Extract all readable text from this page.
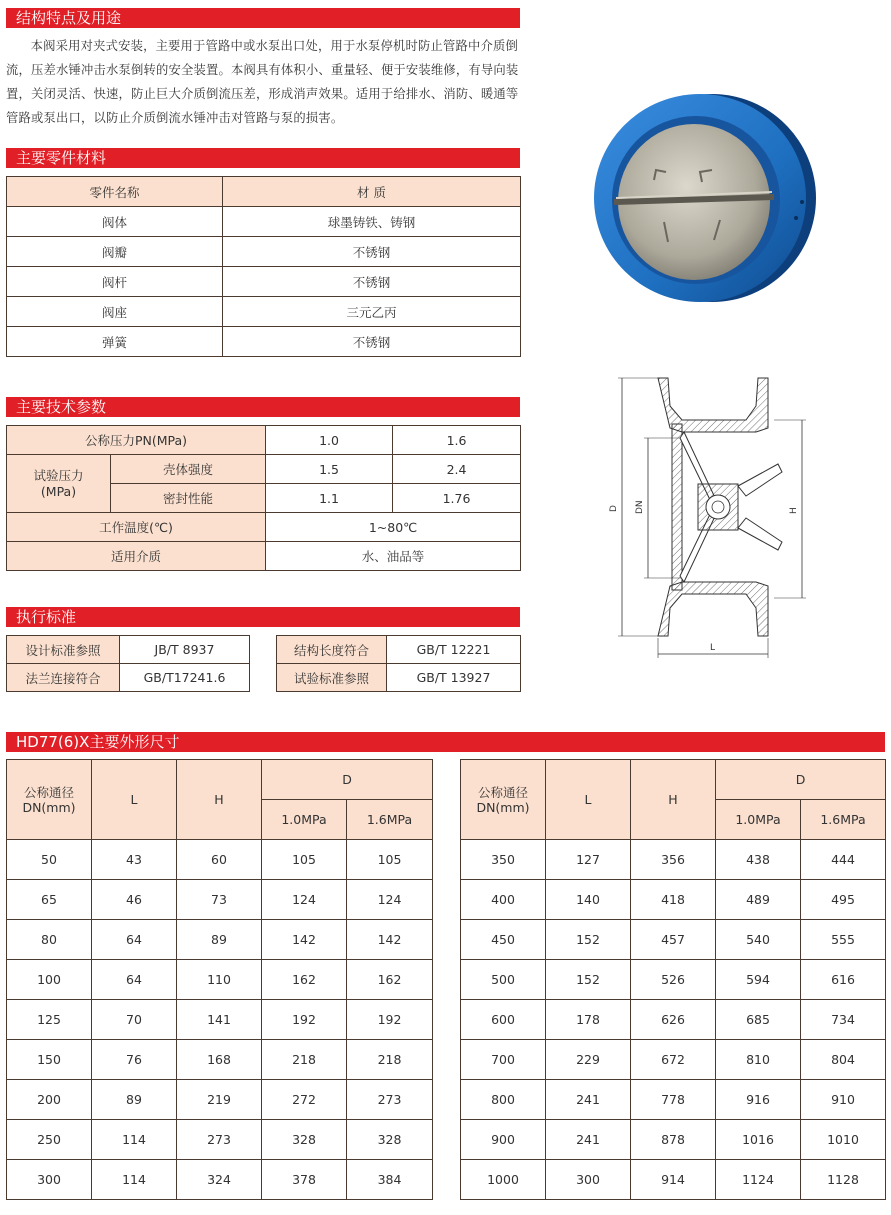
结构特点及用途
主要零件材料
主要技术参数
执行标准
HD77(6)X主要外形尺寸

本阀采用对夹式安装，主要用于管路中或水泵出口处，用于水泵停机时防止管路中介质倒流，压差水锤冲击水泵倒转的安全装置。本阀具有体积小、重量轻、便于安装维修，有导向装置，关闭灵活、快速，防止巨大介质倒流压差，形成消声效果。适用于给排水、消防、暖通等管路或泵出口，以防止介质倒流水锤冲击对管路与泵的损害。

零件名称	材 质
阀体	球墨铸铁、铸钢
阀瓣	不锈钢
阀杆	不锈钢
阀座	三元乙丙
弹簧	不锈钢
公称压力PN(MPa)		1.0	1.6
试验压力
(MPa)	壳体强度	1.5	2.4
	密封性能	1.1	1.76
工作温度(℃)		1~80℃	
适用介质		水、油品等	
设计标准参照	JB/T 8937
法兰连接符合	GB/T17241.6
结构长度符合	GB/T 12221
试验标准参照	GB/T 13927
公称通径
DN(mm)	L	H	D	
			1.0MPa	1.6MPa
50	43	60	105	105
65	46	73	124	124
80	64	89	142	142
100	64	110	162	162
125	70	141	192	192
150	76	168	218	218
200	89	219	272	273
250	114	273	328	328
300	114	324	378	384
公称通径
DN(mm)	L	H	D	
			1.0MPa	1.6MPa
350	127	356	438	444
400	140	418	489	495
450	152	457	540	555
500	152	526	594	616
600	178	626	685	734
700	229	672	810	804
800	241	778	916	910
900	241	878	1016	1010
1000	300	914	1124	1128
D DN	H
L
